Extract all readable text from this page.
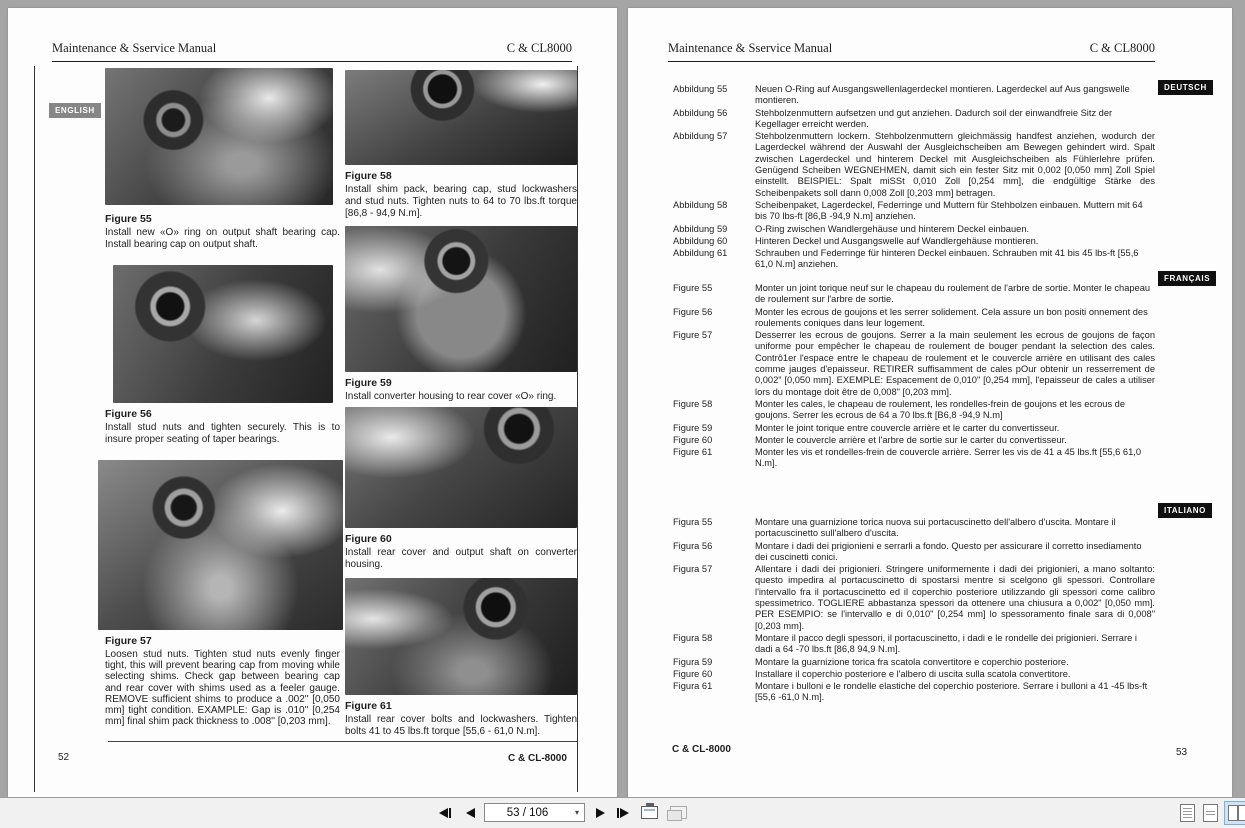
Maintenance & Sservice Manual	C & CL8000
ENGLISH
Figure 55
Install new «O» ring on output shaft bearing cap. Install bearing cap on output shaft.
Figure 56
Install stud nuts and tighten securely. This is to insure proper seating of taper bearings.
Figure 57
Loosen stud nuts. Tighten stud nuts evenly finger tight, this will prevent bearing cap from moving while selecting shims. Check gap between bearing cap and rear cover with shims used as a feeler gauge. REMOVE sufficient shims to produce a .002'' [0,050 mm] tight condition. EXAMPLE: Gap is .010'' [0,254 mm] final shim pack thickness to .008'' [0,203 mm].
Figure 58
Install shim pack, bearing cap, stud lockwashers and stud nuts. Tighten nuts to 64 to 70 lbs.ft torque [86,8 - 94,9 N.m].
Figure 59
Install converter housing to rear cover «O» ring.
Figure 60
Install rear cover and output shaft on converter housing.
Figure 61
Install rear cover bolts and lockwashers. Tighten bolts 41 to 45 lbs.ft torque [55,6 - 61,0 N.m].
52	C & CL-8000
Maintenance & Sservice Manual	C & CL8000
DEUTSCH
FRANÇAIS
ITALIANO
Abbildung 55	Neuen O-Ring auf Ausgangswellenlagerdeckel montieren. Lagerdeckel auf Aus gangswelle montieren.
Abbildung 56	Stehbolzenmuttern aufsetzen und gut anziehen. Dadurch soil der einwandfreie Sitz der Kegellager erreicht werden.
Abbildung 57	Stehbolzenmuttern lockern. Stehbolzenmuttern gleichmässig handfest anziehen, wodurch der Lagerdeckel während der Auswahl der Ausgleichscheiben am Bewegen gehindert wird. Spalt zwischen Lagerdeckel und hinterem Deckel mit Ausgleichscheiben als Fühlerlehre prüfen. Genügend Scheiben WEGNEHMEN, damit sich ein fester Sitz mit 0,002 [0,050 mm] Zoll Spiel einstellt. BEISPIEL: Spalt miSSt 0,010 Zoll [0,254 mm], die endgültige Stärke des Scheibenpakets soll dann 0,008 Zoll [0,203 mm] betragen.
Abbildung 58	Scheibenpaket, Lagerdeckel, Federringe und Muttern für Stehbolzen einbauen. Muttern mit 64 bis 70 lbs-ft [86,B -94,9 N.m] anziehen.
Abbildung 59	O-Ring zwischen Wandlergehäuse und hinterem Deckel einbauen.
Abbildung 60	Hinteren Deckel und Ausgangswelle auf Wandlergehäuse montieren.
Abbildung 61	Schrauben und Federringe für hinteren Deckel einbauen. Schrauben mit 41 bis 45 lbs-ft [55,6 61,0 N.m] anziehen.
Figure 55	Monter un joint torique neuf sur le chapeau du roulement de l'arbre de sortie. Monter le chapeau de roulement sur l'arbre de sortie.
Figure 56	Monter les ecrous de goujons et les serrer solidement. Cela assure un bon positi onnement des roulements coniques dans leur logement.
Figure 57	Desserrer les ecrous de goujons. Serrer a la main seulement les ecrous de goujons de façon uniforme pour empêcher le chapeau de roulement de bouger pendant la selection des cales. Contrô1er l'espace entre le chapeau de roulement et le couvercle arrière en utilisant des cales comme jauges d'epaisseur. RETIRER suffisamment de cales pOur obtenir un resserrement de 0,002" [0,050 mm]. EXEMPLE: Espacement de 0,010" [0,254 mm], l'epaisseur de cales a utiliser lors du montage doit être de 0,008" [0,203 mm].
Figure 58	Monter les cales, le chapeau de roulement, les rondelles-frein de goujons et les ecrous de goujons. Serrer les ecrous de 64 a 70 lbs.ft [B6,8 -94,9 N.m]
Figure 59	Monter le joint torique entre couvercle arrière et le carter du convertisseur.
Figure 60	Monter le couvercle arrière et l'arbre de sortie sur le carter du convertisseur.
Figure 61	Monter les vis et rondelles-frein de couvercle arrière. Serrer les vis de 41 a 45 lbs.ft [55,6 61,0 N.m].
Figura 55	Montare una guarnizione torica nuova sui portacuscinetto dell'albero d'uscita. Montare il portacuscinetto sull'albero d'uscita.
Figura 56	Montare i dadi dei prigionieni e serrarli a fondo. Questo per assicurare il corretto insediamento dei cuscinetti conici.
Figura 57	Allentare i dadi dei prigionieri. Stringere uniformemente i dadi dei prigionieri, a mano soltanto: questo impedira al portacuscinetto di spostarsi mentre si scelgono gli spessori. Controllare l'intervallo fra il portacuscinetto ed il coperchio posteriore utilizzando gli spessori come calibro spessimetrico. TOGLIERE abbastanza spessori da ottenere una chiusura a 0,002" [0,050 mm]. PER ESEMPIO: se l'intervallo e di 0,010" [0,254 mm] lo spessoramento finale sara di 0,008" [0,203 mm].
Figura 58	Montare il pacco degli spessori, il portacuscinetto, i dadi e le rondelle dei prigionieri. Serrare i dadi a 64 -70 lbs.ft [86,8 94,9 N.m].
Figura 59	Montare la guarnizione torica fra scatola convertitore e coperchio posteriore.
Figure 60	Installare il coperchio posteriore e l'albero di uscita sulla scatola convertitore.
Figura 61	Montare i bulloni e le rondelle elastiche del coperchio posteriore. Serrare i bulloni a 41 -45 lbs-ft [55,6 -61,0 N.m].
C & CL-8000	53
53 / 106	▾
